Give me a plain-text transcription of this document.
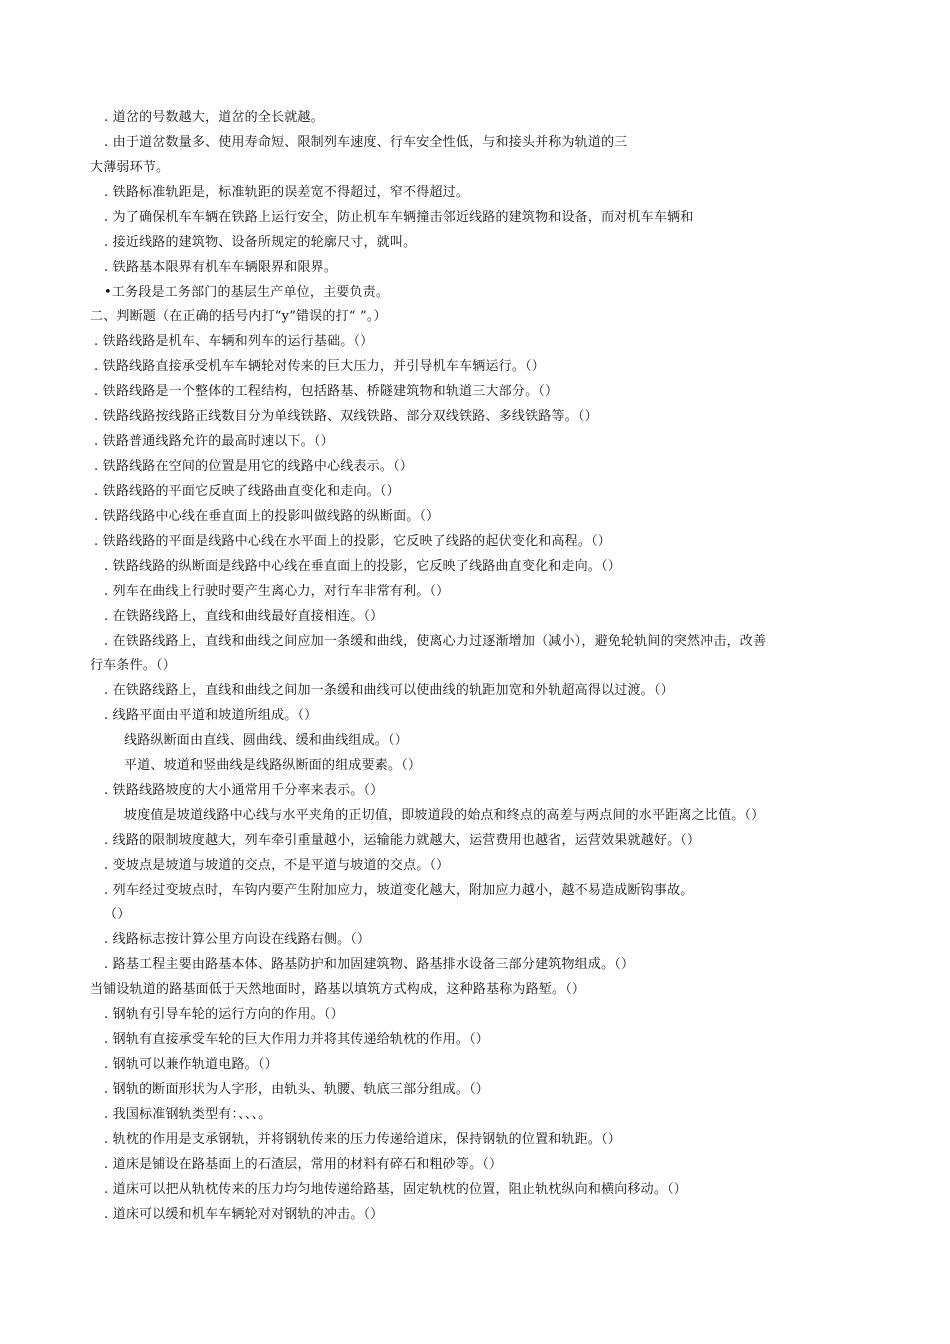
. 道岔的号数越大，道岔的全长就越。
. 由于道岔数量多、使用寿命短、限制列车速度、行车安全性低，与和接头并称为轨道的三
大薄弱环节。
. 铁路标准轨距是，标准轨距的误差宽不得超过，窄不得超过。
. 为了确保机车车辆在铁路上运行安全，防止机车车辆撞击邻近线路的建筑物和设备，而对机车车辆和
. 接近线路的建筑物、设备所规定的轮廓尺寸，就叫。
. 铁路基本限界有机车车辆限界和限界。
•工务段是工务部门的基层生产单位，主要负责。
二、判断题（在正确的括号内打“y”错误的打“ ”。）
. 铁路线路是机车、车辆和列车的运行基础。（）
. 铁路线路直接承受机车车辆轮对传来的巨大压力，并引导机车车辆运行。（）
. 铁路线路是一个整体的工程结构，包括路基、桥隧建筑物和轨道三大部分。（）
. 铁路线路按线路正线数目分为单线铁路、双线铁路、部分双线铁路、多线铁路等。（）
. 铁路普通线路允许的最高时速以下。（）
. 铁路线路在空间的位置是用它的线路中心线表示。（）
. 铁路线路的平面它反映了线路曲直变化和走向。（）
. 铁路线路中心线在垂直面上的投影叫做线路的纵断面。（）
. 铁路线路的平面是线路中心线在水平面上的投影，它反映了线路的起伏变化和高程。（）
. 铁路线路的纵断面是线路中心线在垂直面上的投影，它反映了线路曲直变化和走向。（）
. 列车在曲线上行驶时要产生离心力，对行车非常有利。（）
. 在铁路线路上，直线和曲线最好直接相连。（）
. 在铁路线路上，直线和曲线之间应加一条缓和曲线，使离心力过逐渐增加（减小），避免轮轨间的突然冲击，改善
行车条件。（）
. 在铁路线路上，直线和曲线之间加一条缓和曲线可以使曲线的轨距加宽和外轨超高得以过渡。（）
. 线路平面由平道和坡道所组成。（）
线路纵断面由直线、圆曲线、缓和曲线组成。（）
平道、坡道和竖曲线是线路纵断面的组成要素。（）
. 铁路线路坡度的大小通常用千分率来表示。（）
坡度值是坡道线路中心线与水平夹角的正切值，即坡道段的始点和终点的高差与两点间的水平距离之比值。（）
. 线路的限制坡度越大，列车牵引重量越小，运输能力就越大，运营费用也越省，运营效果就越好。（）
. 变坡点是坡道与坡道的交点，不是平道与坡道的交点。（）
. 列车经过变坡点时，车钩内要产生附加应力，坡道变化越大，附加应力越小，越不易造成断钩事故。
（）
. 线路标志按计算公里方向设在线路右侧。（）
. 路基工程主要由路基本体、路基防护和加固建筑物、路基排水设备三部分建筑物组成。（）
当铺设轨道的路基面低于天然地面时，路基以填筑方式构成，这种路基称为路堑。（）
. 钢轨有引导车轮的运行方向的作用。（）
. 钢轨有直接承受车轮的巨大作用力并将其传递给轨枕的作用。（）
. 钢轨可以兼作轨道电路。（）
. 钢轨的断面形状为人字形，由轨头、轨腰、轨底三部分组成。（）
. 我国标准钢轨类型有：、、、。
. 轨枕的作用是支承钢轨，并将钢轨传来的压力传递给道床，保持钢轨的位置和轨距。（）
. 道床是铺设在路基面上的石渣层，常用的材料有碎石和粗砂等。（）
. 道床可以把从轨枕传来的压力均匀地传递给路基，固定轨枕的位置，阻止轨枕纵向和横向移动。（）
. 道床可以缓和机车车辆轮对对钢轨的冲击。（）
